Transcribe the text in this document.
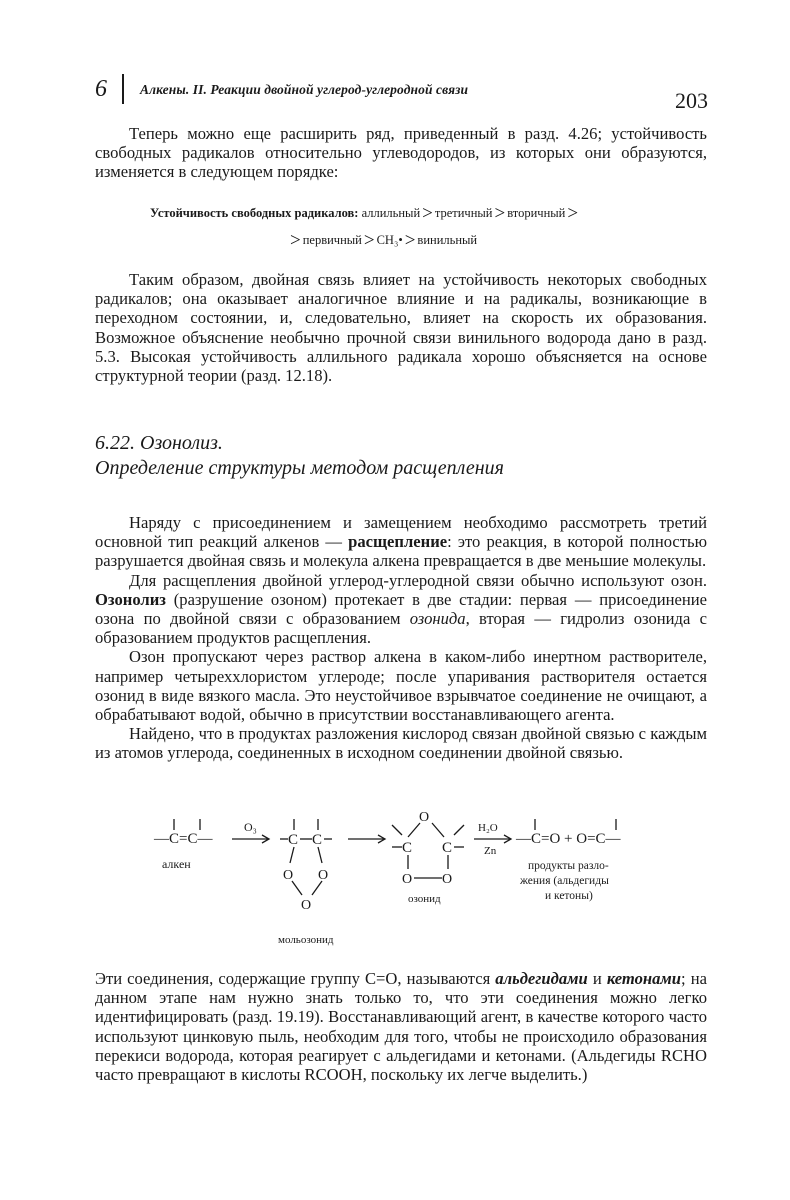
6 Алкены. II. Реакции двойной углерод-углеродной связи	203

Теперь можно еще расширить ряд, приведенный в разд. 4.26; устойчивость свободных радикалов относительно углеводородов, из которых они образуются, изменяется в следующем порядке:

Устойчивость свободных радикалов: аллильный > третичный > вторичный >
> первичный > CH₃• > винильный

Таким образом, двойная связь влияет на устойчивость некоторых свободных радикалов; она оказывает аналогичное влияние и на радикалы, возникающие в переходном состоянии, и, следовательно, влияет на скорость их образования. Возможное объяснение необычно прочной связи винильного водорода дано в разд. 5.3. Высокая устойчивость аллильного радикала хорошо объясняется на основе структурной теории (разд. 12.18).

6.22. Озонолиз.
Определение структуры методом расщепления

Наряду с присоединением и замещением необходимо рассмотреть третий основной тип реакций алкенов — расщепление: это реакция, в которой полностью разрушается двойная связь и молекула алкена превращается в две меньшие молекулы.

Для расщепления двойной углерод-углеродной связи обычно используют озон. Озонолиз (разрушение озоном) протекает в две стадии: первая — присоединение озона по двойной связи с образованием озонида, вторая — гидролиз озонида с образованием продуктов расщепления.

Озон пропускают через раствор алкена в каком-либо инертном растворителе, например четыреххлористом углероде; после упаривания растворителя остается озонид в виде вязкого масла. Это неустойчивое взрывчатое соединение не очищают, а обрабатывают водой, обычно в присутствии восстанавливающего агента.

Найдено, что в продуктах разложения кислород связан двойной связью с каждым из атомов углерода, соединенных в исходном соединении двойной связью.

—C=C—
алкен
O₃
C C
O O
O
мольозонид
O
C C
O O
озонид
H₂O
Zn
—C=O + O=C—
продукты разло-
жения (альдегиды
и кетоны)

Эти соединения, содержащие группу C=O, называются альдегидами и кетонами; на данном этапе нам нужно знать только то, что эти соединения можно легко идентифицировать (разд. 19.19). Восстанавливающий агент, в качестве которого часто используют цинковую пыль, необходим для того, чтобы не происходило образования перекиси водорода, которая реагирует с альдегидами и кетонами. (Альдегиды RCHO часто превращают в кислоты RCOOH, поскольку их легче выделить.)
